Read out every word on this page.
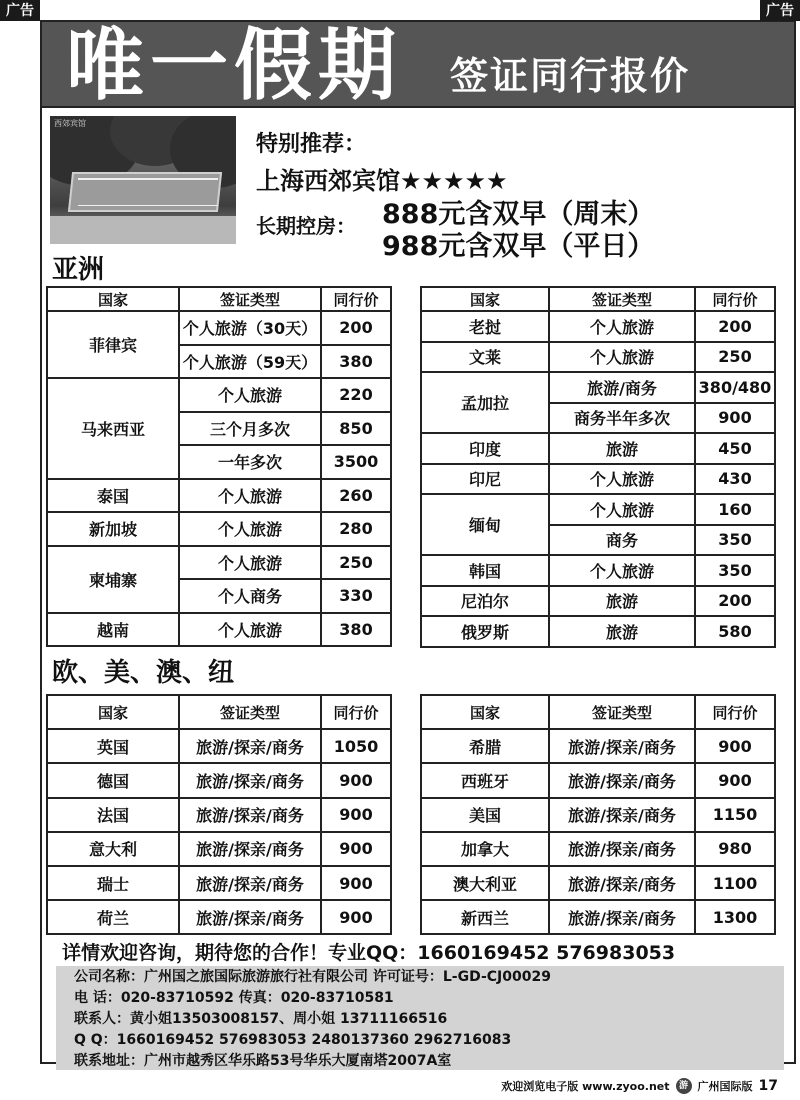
广告	广告
唯一假期 签证同行报价
西郊宾馆
特别推荐：
上海西郊宾馆★★★★★
长期控房： 888元含双早（周末）
988元含双早（平日）
亚洲
国家	签证类型	同行价
菲律宾	个人旅游（30天）	200
	个人旅游（59天）	380
马来西亚	个人旅游	220
	三个月多次	850
	一年多次	3500
泰国	个人旅游	260
新加坡	个人旅游	280
柬埔寨	个人旅游	250
	个人商务	330
越南	个人旅游	380
国家	签证类型	同行价
老挝	个人旅游	200
文莱	个人旅游	250
孟加拉	旅游/商务	380/480
	商务半年多次	900
印度	旅游	450
印尼	个人旅游	430
缅甸	个人旅游	160
	商务	350
韩国	个人旅游	350
尼泊尔	旅游	200
俄罗斯	旅游	580
欧、美、澳、纽
国家	签证类型	同行价
英国	旅游/探亲/商务	1050
德国	旅游/探亲/商务	900
法国	旅游/探亲/商务	900
意大利	旅游/探亲/商务	900
瑞士	旅游/探亲/商务	900
荷兰	旅游/探亲/商务	900
国家	签证类型	同行价
希腊	旅游/探亲/商务	900
西班牙	旅游/探亲/商务	900
美国	旅游/探亲/商务	1150
加拿大	旅游/探亲/商务	980
澳大利亚	旅游/探亲/商务	1100
新西兰	旅游/探亲/商务	1300
详情欢迎咨询，期待您的合作！专业QQ：1660169452 576983053
公司名称：广州国之旅国际旅游旅行社有限公司 许可证号：L-GD-CJ00029
电 话：020-83710592 传真：020-83710581
联系人：黄小姐13503008157、周小姐 13711166516
Q Q：1660169452 576983053 2480137360 2962716083
联系地址：广州市越秀区华乐路53号华乐大厦南塔2007A室
欢迎浏览电子版 www.zyoo.net	游 广州国际版 17
